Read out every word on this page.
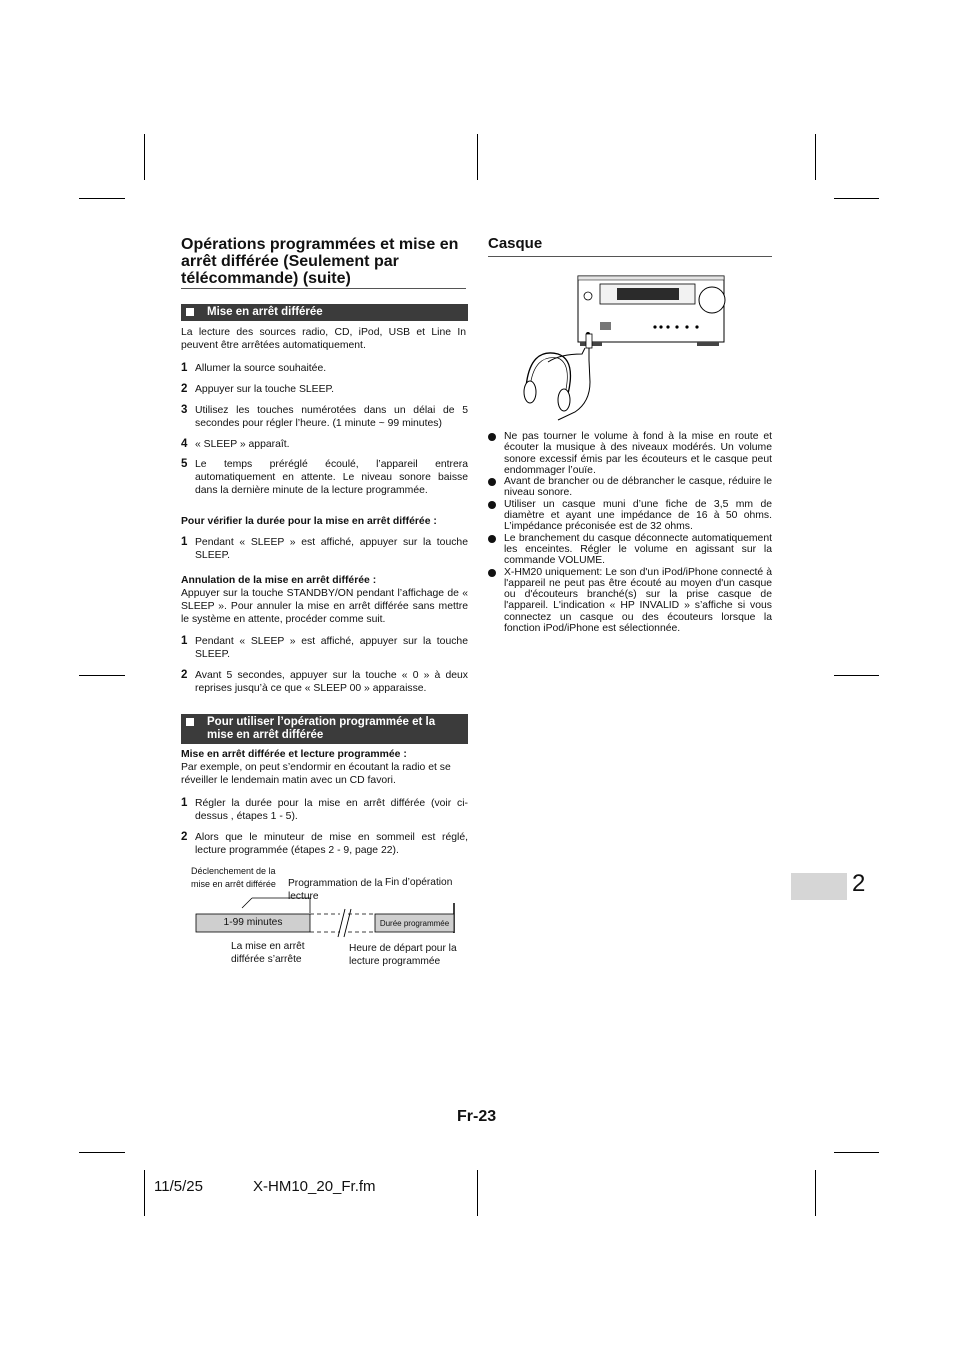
Opérations programmées et mise en arrêt différée (Seulement par télécommande) (suite)
Mise en arrêt différée
La lecture des sources radio, CD, iPod, USB et Line In peuvent être arrêtées automatiquement.
1 Allumer la source souhaitée.
2 Appuyer sur la touche SLEEP.
3 Utilisez les touches numérotées dans un délai de 5 secondes pour régler l’heure. (1 minute ~ 99 minutes)
4 « SLEEP » apparaît.
5 Le temps préréglé écoulé, l’appareil entrera automatiquement en attente. Le niveau sonore baisse dans la dernière minute de la lecture programmée.
Pour vérifier la durée pour la mise en arrêt différée :
1 Pendant « SLEEP » est affiché, appuyer sur la touche SLEEP.
Annulation de la mise en arrêt différée :
Appuyer sur la touche STANDBY/ON pendant l’affichage de « SLEEP ». Pour annuler la mise en arrêt différée sans mettre le système en attente, procéder comme suit.
1 Pendant « SLEEP » est affiché, appuyer sur la touche SLEEP.
2 Avant 5 secondes, appuyer sur la touche « 0 » à deux reprises jusqu’à ce que « SLEEP 00 » apparaisse.
Pour utiliser l’opération programmée et la mise en arrêt différée
Mise en arrêt différée et lecture programmée :
Par exemple, on peut s’endormir en écoutant la radio et se réveiller le lendemain matin avec un CD favori.
1 Régler la durée pour la mise en arrêt différée (voir ci-dessus , étapes 1 - 5).
2 Alors que le minuteur de mise en sommeil est réglé, lecture programmée (étapes 2 - 9, page 22).
Déclenchement de la mise en arrêt différée	Programmation de la lecture
Fin d’opération
1-99 minutes	Durée programmée
La mise en arrêt différée s’arrête
Heure de départ pour la lecture programmée
Casque
Ne pas tourner le volume à fond à la mise en route et écouter la musique à des niveaux modérés. Un volume sonore excessif émis par les écouteurs et le casque peut endommager l’ouïe.
Avant de brancher ou de débrancher le casque, réduire le niveau sonore.
Utiliser un casque muni d’une fiche de 3,5 mm de diamètre et ayant une impédance de 16 à 50 ohms. L’impédance préconisée est de 32 ohms.
Le branchement du casque déconnecte automatiquement les enceintes. Régler le volume en agissant sur la commande VOLUME.
X-HM20 uniquement: Le son d'un iPod/iPhone connecté à l'appareil ne peut pas être écouté au moyen d'un casque ou d'écouteurs branché(s) sur la prise casque de l'appareil. L'indication « HP INVALID » s’affiche si vous connectez un casque ou des écouteurs lorsque la fonction iPod/iPhone est sélectionnée.
2
Fr-23
11/5/25	X-HM10_20_Fr.fm
